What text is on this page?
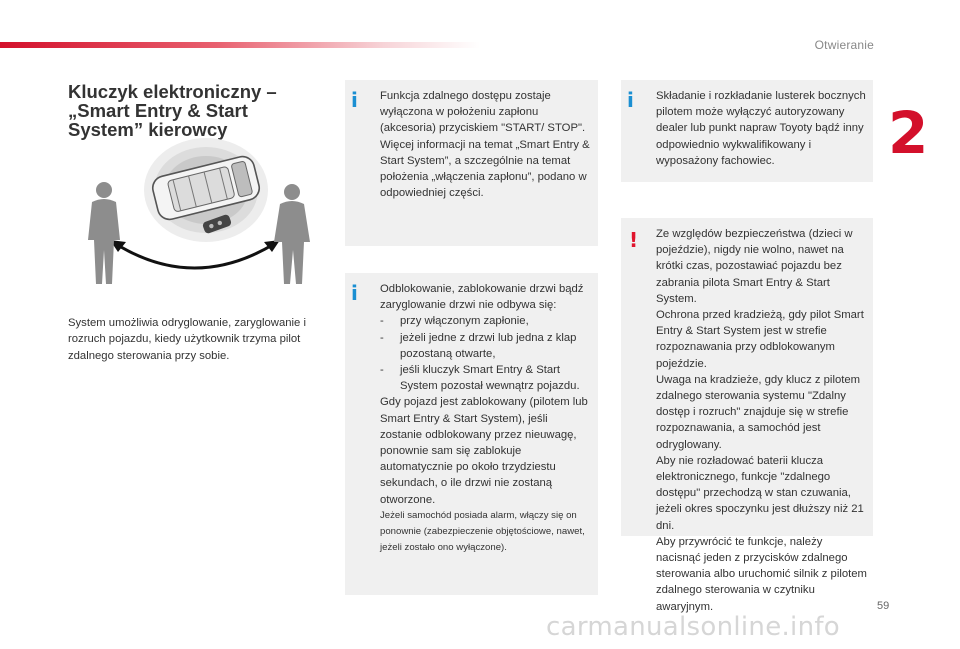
Otwieranie
2
Kluczyk elektroniczny – „Smart Entry & Start System” kierowcy

System umożliwia odryglowanie, zaryglowanie i rozruch pojazdu, kiedy użytkownik trzyma pilot zdalnego sterowania przy sobie.

i Funkcja zdalnego dostępu zostaje wyłączona w położeniu zapłonu (akcesoria) przyciskiem "START/ STOP".

Więcej informacji na temat „Smart Entry & Start System”, a szczególnie na temat położenia „włączenia zapłonu”, podano w odpowiedniej części.

i Odblokowanie, zablokowanie drzwi bądź zaryglowanie drzwi nie odbywa się:

- przy włączonym zapłonie,
- jeżeli jedne z drzwi lub jedna z klap pozostaną otwarte,
- jeśli kluczyk Smart Entry & Start System pozostał wewnątrz pojazdu.

Gdy pojazd jest zablokowany (pilotem lub Smart Entry & Start System), jeśli zostanie odblokowany przez nieuwagę, ponownie sam się zablokuje automatycznie po około trzydziestu sekundach, o ile drzwi nie zostaną otworzone.

Jeżeli samochód posiada alarm, włączy się on ponownie (zabezpieczenie objętościowe, nawet, jeżeli zostało ono wyłączone).

i Składanie i rozkładanie lusterek bocznych pilotem może wyłączyć autoryzowany dealer lub punkt napraw Toyoty bądź inny odpowiednio wykwalifikowany i wyposażony fachowiec.

! Ze względów bezpieczeństwa (dzieci w pojeździe), nigdy nie wolno, nawet na krótki czas, pozostawiać pojazdu bez zabrania pilota Smart Entry & Start System.

Ochrona przed kradzieżą, gdy pilot Smart Entry & Start System jest w strefie rozpoznawania przy odblokowanym pojeździe.

Uwaga na kradzieże, gdy klucz z pilotem zdalnego sterowania systemu "Zdalny dostęp i rozruch" znajduje się w strefie rozpoznawania, a samochód jest odryglowany.

Aby nie rozładować baterii klucza elektronicznego, funkcje "zdalnego dostępu" przechodzą w stan czuwania, jeżeli okres spoczynku jest dłuższy niż 21 dni.

Aby przywrócić te funkcje, należy nacisnąć jeden z przycisków zdalnego sterowania albo uruchomić silnik z pilotem zdalnego sterowania w czytniku awaryjnym.	59
carmanualsonline.info
